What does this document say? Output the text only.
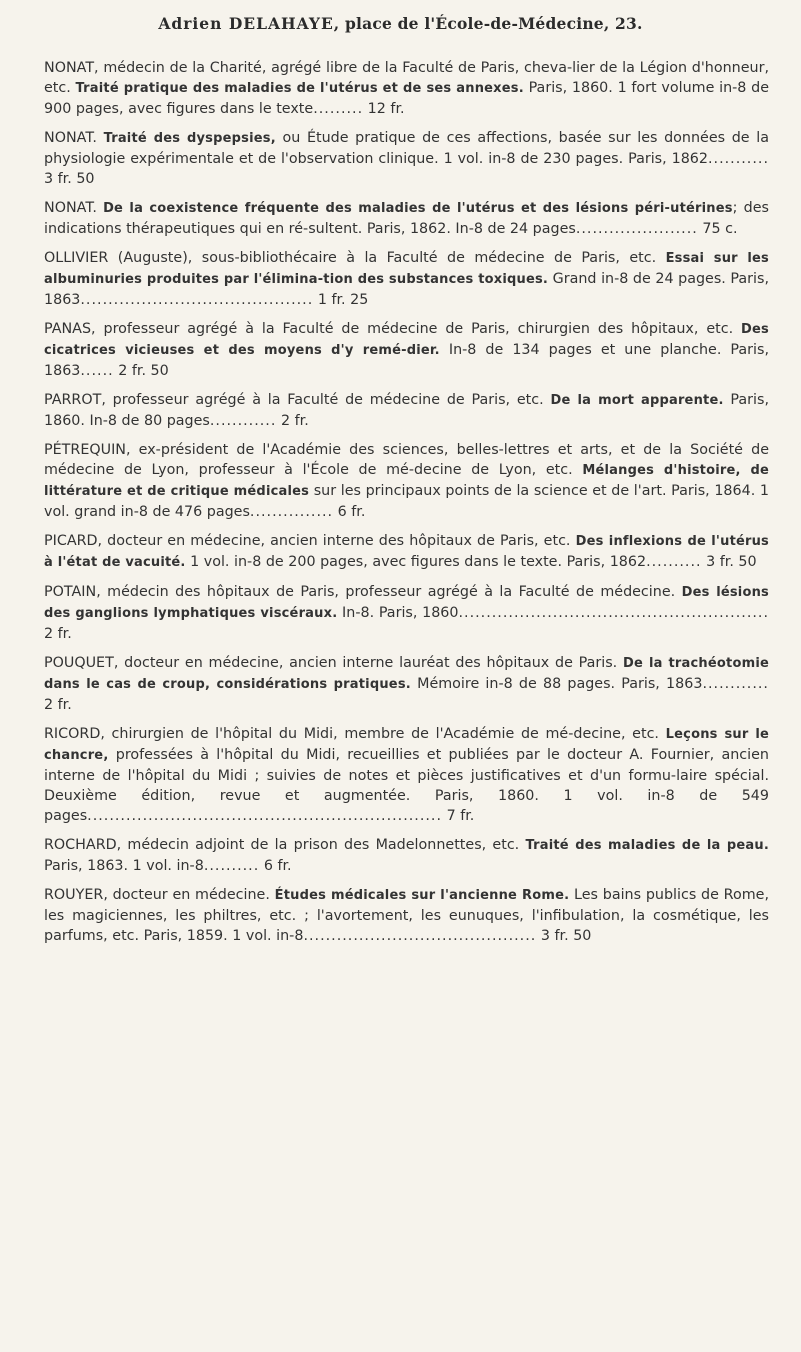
Adrien DELAHAYE, place de l'École-de-Médecine, 23.

NONAT, médecin de la Charité, agrégé libre de la Faculté de Paris, cheva-lier de la Légion d'honneur, etc. Traité pratique des maladies de l'utérus et de ses annexes. Paris, 1860. 1 fort volume in-8 de 900 pages, avec figures dans le texte......... 12 fr.

NONAT. Traité des dyspepsies, ou Étude pratique de ces affections, basée sur les données de la physiologie expérimentale et de l'observation clinique. 1 vol. in-8 de 230 pages. Paris, 1862........... 3 fr. 50

NONAT. De la coexistence fréquente des maladies de l'utérus et des lésions péri-utérines; des indications thérapeutiques qui en ré-sultent. Paris, 1862. In-8 de 24 pages...................... 75 c.

OLLIVIER (Auguste), sous-bibliothécaire à la Faculté de médecine de Paris, etc. Essai sur les albuminuries produites par l'élimina-tion des substances toxiques. Grand in-8 de 24 pages. Paris, 1863.......................................... 1 fr. 25

PANAS, professeur agrégé à la Faculté de médecine de Paris, chirurgien des hôpitaux, etc. Des cicatrices vicieuses et des moyens d'y remé-dier. In-8 de 134 pages et une planche. Paris, 1863...... 2 fr. 50

PARROT, professeur agrégé à la Faculté de médecine de Paris, etc. De la mort apparente. Paris, 1860. In-8 de 80 pages............ 2 fr.

PÉTREQUIN, ex-président de l'Académie des sciences, belles-lettres et arts, et de la Société de médecine de Lyon, professeur à l'École de mé-decine de Lyon, etc. Mélanges d'histoire, de littérature et de critique médicales sur les principaux points de la science et de l'art. Paris, 1864. 1 vol. grand in-8 de 476 pages............... 6 fr.

PICARD, docteur en médecine, ancien interne des hôpitaux de Paris, etc. Des inflexions de l'utérus à l'état de vacuité. 1 vol. in-8 de 200 pages, avec figures dans le texte. Paris, 1862.......... 3 fr. 50

POTAIN, médecin des hôpitaux de Paris, professeur agrégé à la Faculté de médecine. Des lésions des ganglions lymphatiques viscéraux. In-8. Paris, 1860........................................................ 2 fr.

POUQUET, docteur en médecine, ancien interne lauréat des hôpitaux de Paris. De la trachéotomie dans le cas de croup, considérations pratiques. Mémoire in-8 de 88 pages. Paris, 1863............ 2 fr.

RICORD, chirurgien de l'hôpital du Midi, membre de l'Académie de mé-decine, etc. Leçons sur le chancre, professées à l'hôpital du Midi, recueillies et publiées par le docteur A. Fournier, ancien interne de l'hôpital du Midi ; suivies de notes et pièces justificatives et d'un formu-laire spécial. Deuxième édition, revue et augmentée. Paris, 1860. 1 vol. in-8 de 549 pages................................................................ 7 fr.

ROCHARD, médecin adjoint de la prison des Madelonnettes, etc. Traité des maladies de la peau. Paris, 1863. 1 vol. in-8.......... 6 fr.

ROUYER, docteur en médecine. Études médicales sur l'ancienne Rome. Les bains publics de Rome, les magiciennes, les philtres, etc. ; l'avortement, les eunuques, l'infibulation, la cosmétique, les parfums, etc. Paris, 1859. 1 vol. in-8.......................................... 3 fr. 50
